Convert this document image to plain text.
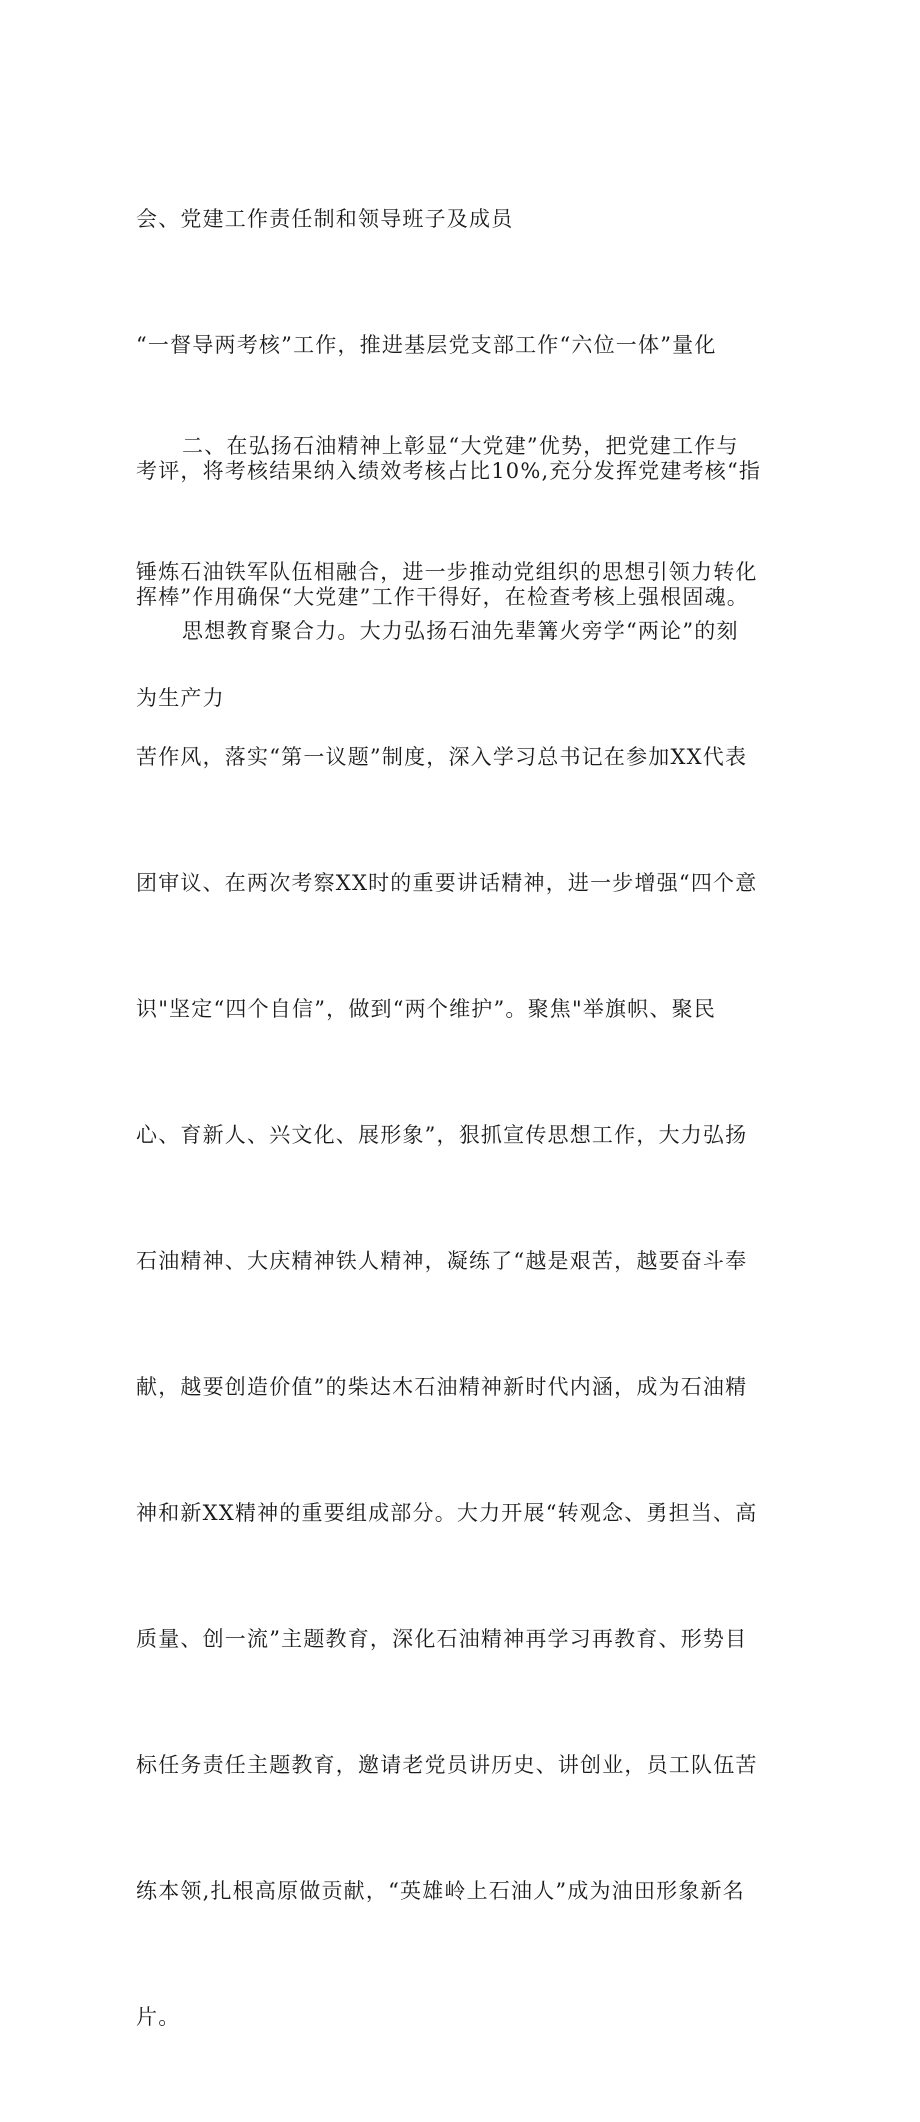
会、党建工作责任制和领导班子及成员

“一督导两考核”工作，推进基层党支部工作“六位一体”量化

考评，将考核结果纳入绩效考核占比10%,充分发挥党建考核“指

挥棒”作用确保“大党建”工作干得好，在检查考核上强根固魂。

二、在弘扬石油精神上彰显“大党建”优势，把党建工作与

锤炼石油铁军队伍相融合，进一步推动党组织的思想引领力转化

为生产力

思想教育聚合力。大力弘扬石油先辈篝火旁学“两论”的刻

苦作风，落实“第一议题”制度，深入学习总书记在参加XX代表

团审议、在两次考察XX时的重要讲话精神，进一步增强“四个意

识"坚定“四个自信”，做到“两个维护”。聚焦"举旗帜、聚民

心、育新人、兴文化、展形象”，狠抓宣传思想工作，大力弘扬

石油精神、大庆精神铁人精神，凝练了“越是艰苦，越要奋斗奉

献，越要创造价值”的柴达木石油精神新时代内涵，成为石油精

神和新XX精神的重要组成部分。大力开展“转观念、勇担当、高

质量、创一流”主题教育，深化石油精神再学习再教育、形势目

标任务责任主题教育，邀请老党员讲历史、讲创业，员工队伍苦

练本领,扎根高原做贡献，“英雄岭上石油人”成为油田形象新名

片。
